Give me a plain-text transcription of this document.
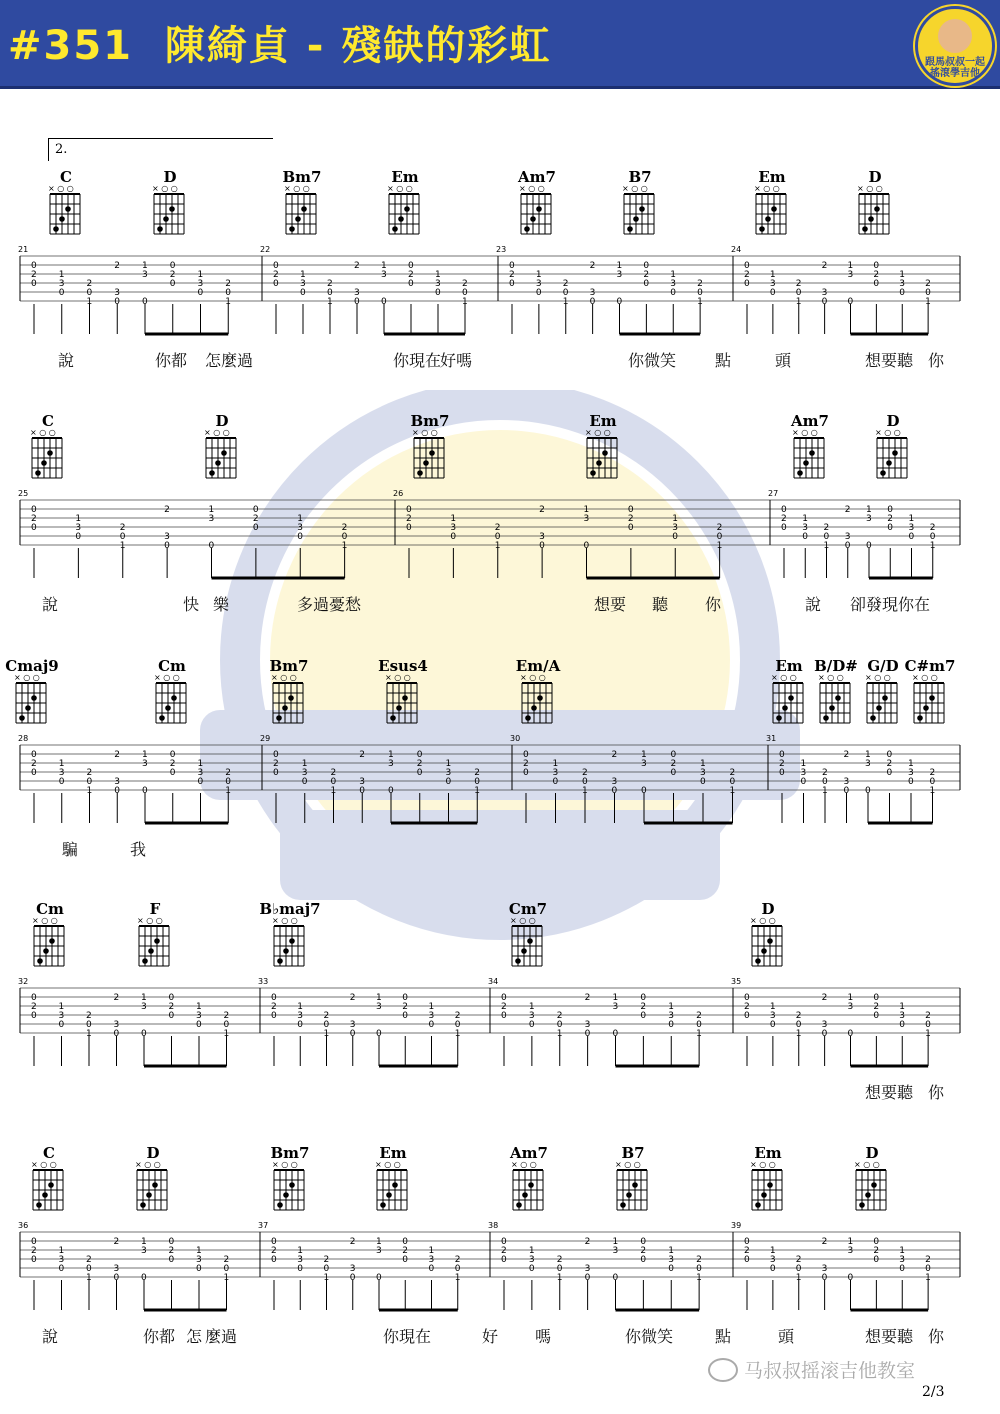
#351  陳綺貞 - 殘缺的彩虹	跟馬叔叔一起
搖滾學吉他
2.
C
× ○ ○
D
× ○ ○
Bm7
× ○ ○
Em
× ○ ○
Am7
× ○ ○
B7
× ○ ○
Em
× ○ ○
D
× ○ ○
21
0
2
0
1
3
0
2
0
1
3
0
2
0
1
3
0
2
0
1
3
0
2
0
1
22
0
2
0
1
3
0
2
0
1
3
0
2
0
1
3
0
2
0
1
3
0
2
0
1
23
0
2
0
1
3
0
2
0
1
3
0
2
0
1
3
0
2
0
1
3
0
2
0
1
24
0
2
0
1
3
0
2
0
1
3
0
2
0
1
3
0
2
0
1
3
0
2
0
1
說	你都 怎麼過	你現在
好嗎	你微笑 點	頭	想要聽 你
C
× ○ ○
D
× ○ ○
Bm7
× ○ ○
Em
× ○ ○
Am7
× ○ ○
D
× ○ ○
25
0
2
0
1
3
0
2
0
1
3
0
2
0
1
3
0
2
0
1
3
0
2
0
1
26
0
2
0
1
3
0
2
0
1
3
0
2
0
1
3
0
2
0
1
3
0
2
0
1
27
0
2
0
1
3
0
2
0
1
3
0
2
0
1
3
0
2
0
1
3
0
2
0
1
說	快 樂	多過憂愁	想要 聽 你	說 卻發現你在
Cmaj9
× ○ ○
Cm
× ○ ○
Bm7
× ○ ○
Esus4
× ○ ○
Em/A
× ○ ○
Em
× ○ ○
B/D#
× ○ ○
G/D
× ○ ○
C#m7
× ○ ○
28
0
2
0
1
3
0
2
0
1
3
0
2
0
1
3
0
2
0
1
3
0
2
0
1
29
0
2
0
1
3
0
2
0
1
3
0
2
0
1
3
0
2
0
1
3
0
2
0
1
30
0
2
0
1
3
0
2
0
1
3
0
2
0
1
3
0
2
0
1
3
0
2
0
1
31
0
2
0
1
3
0
2
0
1
3
0
2
0
1
3
0
2
0
1
3
0
2
0
1
騙	我
Cm
× ○ ○
F
× ○ ○
B♭maj7
× ○ ○
Cm7
× ○ ○
D
× ○ ○
32
0
2
0
1
3
0
2
0
1
3
0
2
0
1
3
0
2
0
1
3
0
2
0
1
33
0
2
0
1
3
0
2
0
1
3
0
2
0
1
3
0
2
0
1
3
0
2
0
1
34
0
2
0
1
3
0
2
0
1
3
0
2
0
1
3
0
2
0
1
3
0
2
0
1
35
0
2
0
1
3
0
2
0
1
3
0
2
0
1
3
0
2
0
1
3
0
2
0
1
想要聽 你
C
× ○ ○
D
× ○ ○
Bm7
× ○ ○
Em
× ○ ○
Am7
× ○ ○
B7
× ○ ○
Em
× ○ ○
D
× ○ ○
36
0
2
0
1
3
0
2
0
1
3
0
2
0
1
3
0
2
0
1
3
0
2
0
1
37
0
2
0
1
3
0
2
0
1
3
0
2
0
1
3
0
2
0
1
3
0
2
0
1
38
0
2
0
1
3
0
2
0
1
3
0
2
0
1
3
0
2
0
1
3
0
2
0
1
39
0
2
0
1
3
0
2
0
1
3
0
2
0
1
3
0
2
0
1
3
0
2
0
1
說	你都 怎 麼過	你現在	好 嗎	你微笑	點	頭	想要聽 你
马叔叔摇滚吉他教室
2/3
